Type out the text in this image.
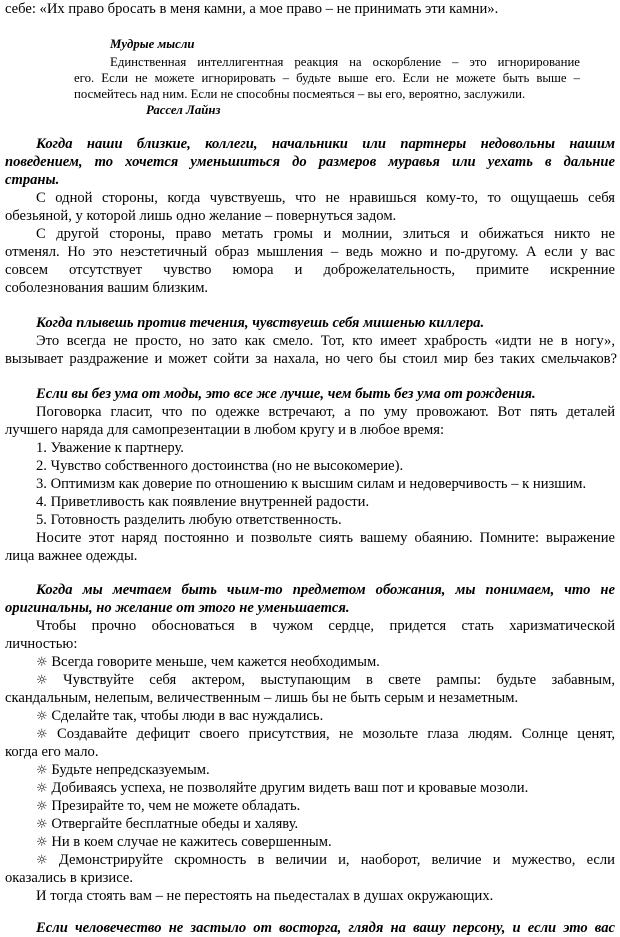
себе: «Их право бросать в меня камни, а мое право – не принимать эти камни».

Мудрые мысли

Единственная интеллигентная реакция на оскорбление – это игнорирование

его. Если не можете игнорировать – будьте выше его. Если не можете быть выше –

посмейтесь над ним. Если не способны посмеяться – вы его, вероятно, заслужили.

Рассел Лайнз

Когда наши близкие, коллеги, начальники или партнеры недовольны нашим

поведением, то хочется уменьшиться до размеров муравья или уехать в дальние

страны.

С одной стороны, когда чувствуешь, что не нравишься кому-то, то ощущаешь себя

обезьяной, у которой лишь одно желание – повернуться задом.

С другой стороны, право метать громы и молнии, злиться и обижаться никто не

отменял. Но это неэстетичный образ мышления – ведь можно и по-другому. А если у вас

совсем отсутствует чувство юмора и доброжелательность, примите искренние

соболезнования вашим близким.

Когда плывешь против течения, чувствуешь себя мишенью киллера.

Это всегда не просто, но зато как смело. Тот, кто имеет храбрость «идти не в ногу»,

вызывает раздражение и может сойти за нахала, но чего бы стоил мир без таких смельчаков?

Если вы без ума от моды, это все же лучше, чем быть без ума от рождения.

Поговорка гласит, что по одежке встречают, а по уму провожают. Вот пять деталей

лучшего наряда для самопрезентации в любом кругу и в любое время:

1. Уважение к партнеру.

2. Чувство собственного достоинства (но не высокомерие).

3. Оптимизм как доверие по отношению к высшим силам и недоверчивость – к низшим.

4. Приветливость как появление внутренней радости.

5. Готовность разделить любую ответственность.

Носите этот наряд постоянно и позвольте сиять вашему обаянию. Помните: выражение

лица важнее одежды.

Когда мы мечтаем быть чьим-то предметом обожания, мы понимаем, что не

оригинальны, но желание от этого не уменьшается.

Чтобы прочно обосноваться в чужом сердце, придется стать харизматической

личностью:

☼ Всегда говорите меньше, чем кажется необходимым.

☼ Чувствуйте себя актером, выступающим в свете рампы: будьте забавным,

скандальным, нелепым, величественным – лишь бы не быть серым и незаметным.

☼ Сделайте так, чтобы люди в вас нуждались.

☼ Создавайте дефицит своего присутствия, не мозольте глаза людям. Солнце ценят,

когда его мало.

☼ Будьте непредсказуемым.

☼ Добиваясь успеха, не позволяйте другим видеть ваш пот и кровавые мозоли.

☼ Презирайте то, чем не можете обладать.

☼ Отвергайте бесплатные обеды и халяву.

☼ Ни в коем случае не кажитесь совершенным.

☼ Демонстрируйте скромность в величии и, наоборот, величие и мужество, если

оказались в кризисе.

И тогда стоять вам – не перестоять на пьедесталах в душах окружающих.

Если человечество не застыло от восторга, глядя на вашу персону, и если это вас
